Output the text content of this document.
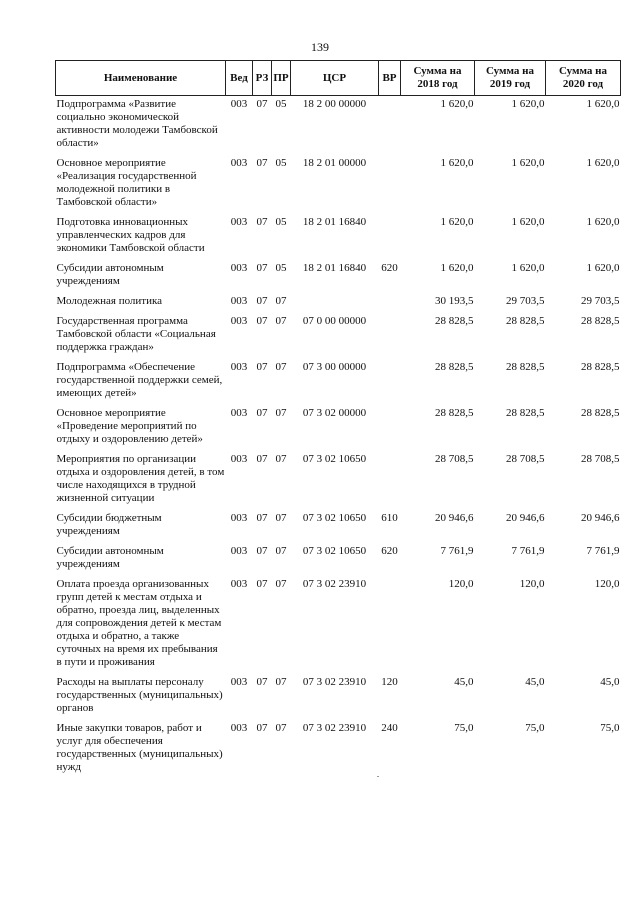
139
Наименование	Вед	РЗ	ПР	ЦСР	ВР	Сумма на 2018 год	Сумма на 2019 год	Сумма на 2020 год
Подпрограмма «Развитие социально экономической активности молодежи Тамбовской области»	003	07	05	18 2 00 00000		1 620,0	1 620,0	1 620,0
Основное мероприятие «Реализация государственной молодежной политики в Тамбовской области»	003	07	05	18 2 01 00000		1 620,0	1 620,0	1 620,0
Подготовка инновационных управленческих кадров для экономики Тамбовской области	003	07	05	18 2 01 16840		1 620,0	1 620,0	1 620,0
Субсидии автономным учреждениям	003	07	05	18 2 01 16840	620	1 620,0	1 620,0	1 620,0
Молодежная политика	003	07	07			30 193,5	29 703,5	29 703,5
Государственная программа Тамбовской области «Социальная поддержка граждан»	003	07	07	07 0 00 00000		28 828,5	28 828,5	28 828,5
Подпрограмма «Обеспечение государственной поддержки семей, имеющих детей»	003	07	07	07 3 00 00000		28 828,5	28 828,5	28 828,5
Основное мероприятие «Проведение мероприятий по отдыху и оздоровлению детей»	003	07	07	07 3 02 00000		28 828,5	28 828,5	28 828,5
Мероприятия по организации отдыха и оздоровления детей, в том числе находящихся в трудной жизненной ситуации	003	07	07	07 3 02 10650		28 708,5	28 708,5	28 708,5
Субсидии бюджетным учреждениям	003	07	07	07 3 02 10650	610	20 946,6	20 946,6	20 946,6
Субсидии автономным учреждениям	003	07	07	07 3 02 10650	620	7 761,9	7 761,9	7 761,9
Оплата проезда организованных групп детей к местам отдыха и обратно, проезда лиц, выделенных для сопровождения детей к местам отдыха и обратно, а также суточных на время их пребывания в пути и проживания	003	07	07	07 3 02 23910		120,0	120,0	120,0
Расходы на выплаты персоналу государственных (муниципальных) органов	003	07	07	07 3 02 23910	120	45,0	45,0	45,0
Иные закупки товаров, работ и услуг для обеспечения государственных (муниципальных) нужд	003	07	07	07 3 02 23910	240	75,0	75,0	75,0
